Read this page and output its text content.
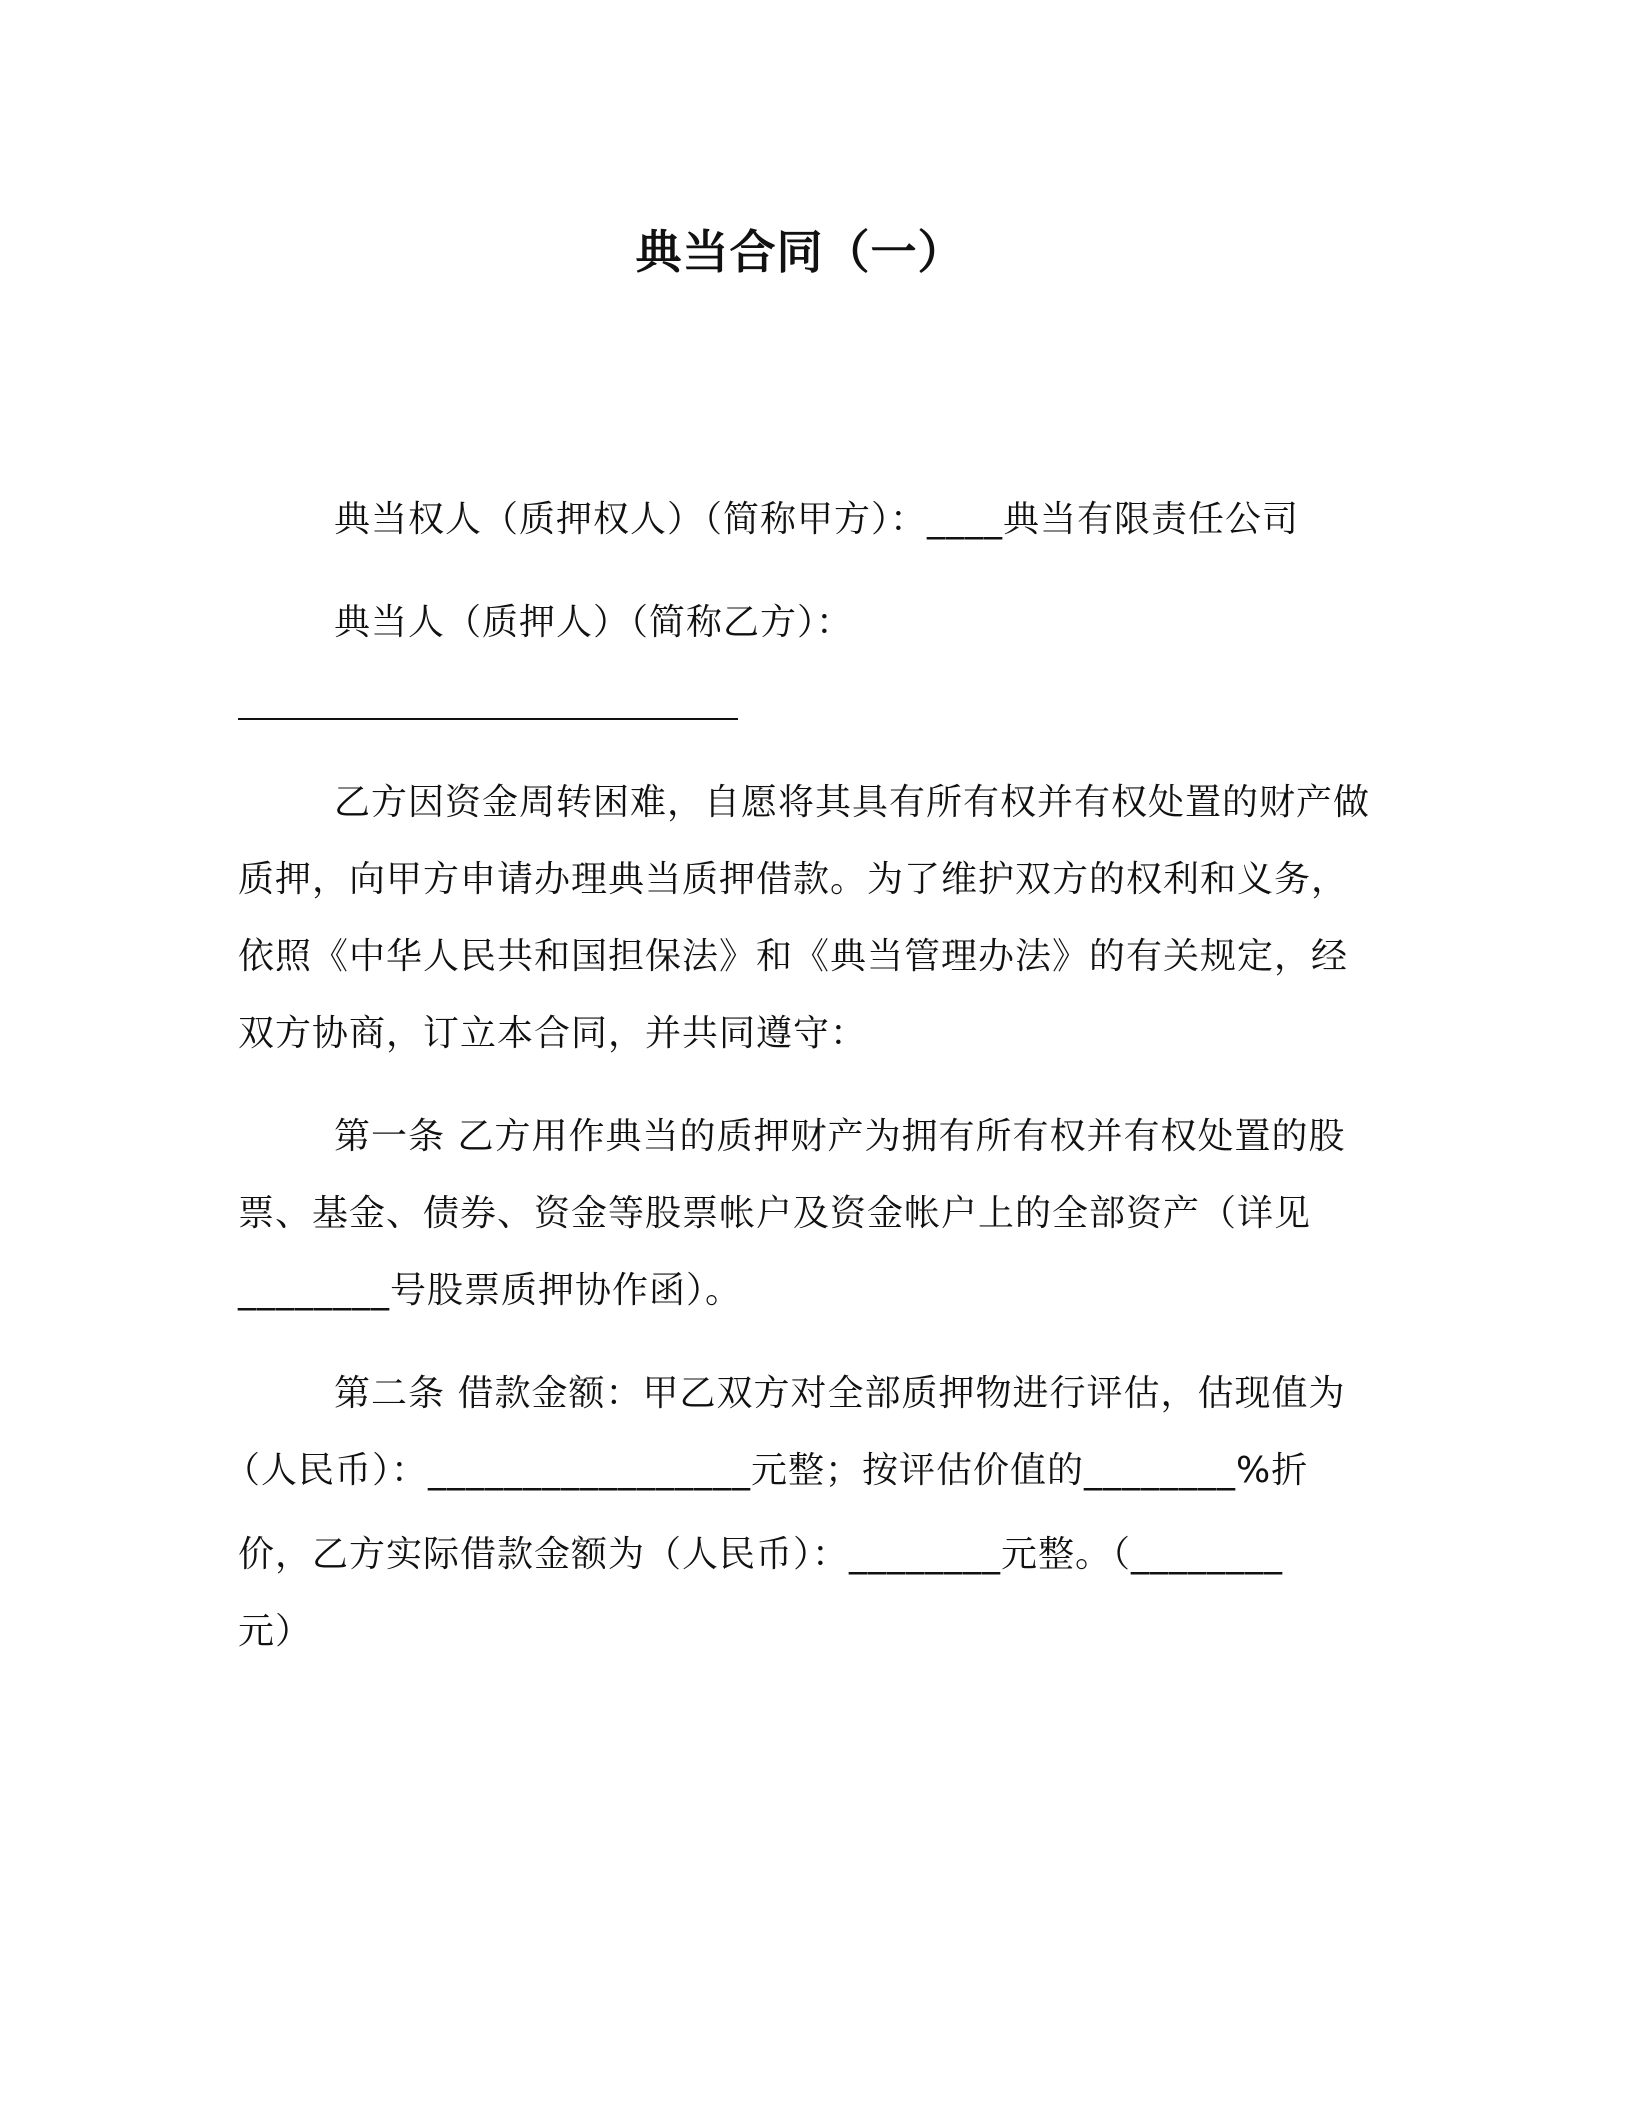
典当合同（一）
典当权人（质押权人）（简称甲方）：____典当有限责任公司
典当人（质押人）（简称乙方）：
乙方因资金周转困难，自愿将其具有所有权并有权处置的财产做
质押，向甲方申请办理典当质押借款。为了维护双方的权利和义务，
依照《中华人民共和国担保法》和《典当管理办法》的有关规定，经
双方协商，订立本合同，并共同遵守：
第一条 乙方用作典当的质押财产为拥有所有权并有权处置的股
票、基金、债券、资金等股票帐户及资金帐户上的全部资产（详见
________号股票质押协作函）。
第二条 借款金额：甲乙双方对全部质押物进行评估，估现值为
（人民币）：_________________元整；按评估价值的________%折
价，乙方实际借款金额为（人民币）：________元整。（________
元）
